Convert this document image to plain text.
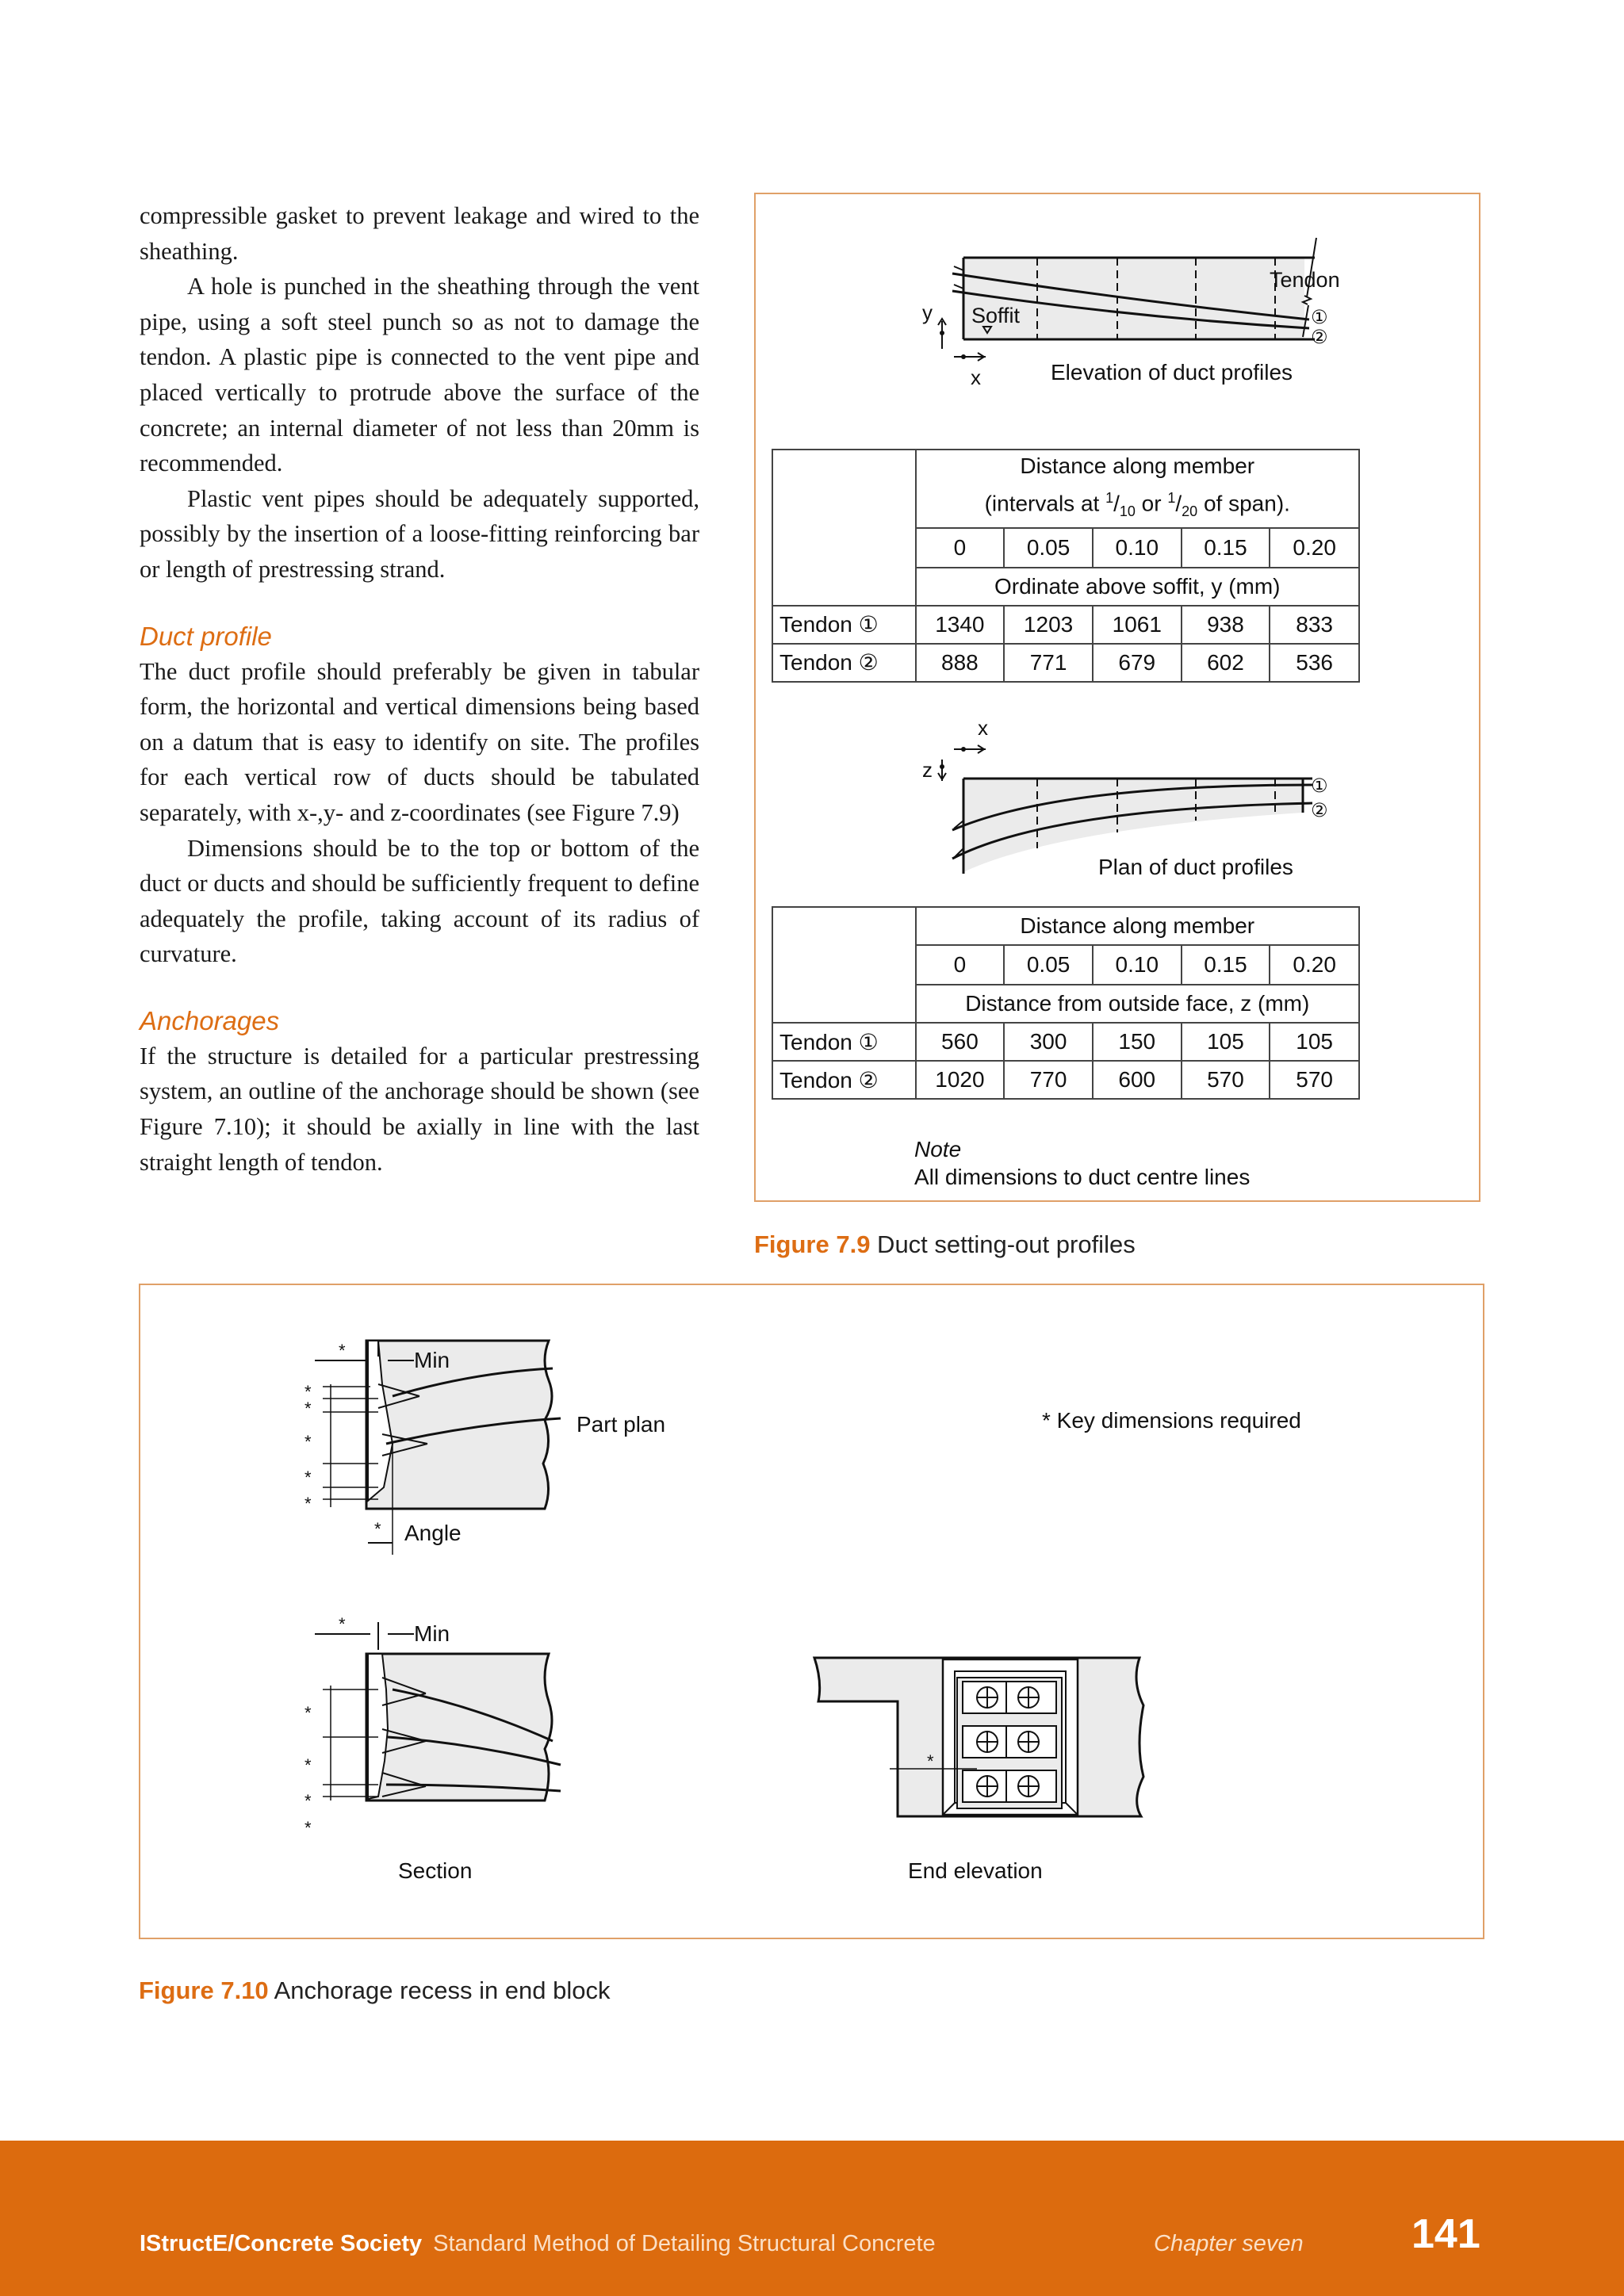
compressible gasket to prevent leakage and wired to the sheathing.

A hole is punched in the sheathing through the vent pipe, using a soft steel punch so as not to damage the tendon. A plastic pipe is connected to the vent pipe and placed vertically to protrude above the surface of the concrete; an internal diameter of not less than 20mm is recommended.

Plastic vent pipes should be adequately supported, possibly by the insertion of a loose-fitting reinforcing bar or length of prestressing strand.

Duct profile

The duct profile should preferably be given in tabular form, the horizontal and vertical dimensions being based on a datum that is easy to identify on site. The profiles for each vertical row of ducts should be tabulated separately, with x-,y- and z-coordinates (see Figure 7.9)

Dimensions should be to the top or bottom of the duct or ducts and should be sufficiently frequent to define adequately the profile, taking account of its radius of curvature.

Anchorages

If the structure is detailed for a particular prestressing system, an outline of the anchorage should be shown (see Figure 7.10); it should be axially in line with the last straight length of tendon.

Tendon
Soffit
y
x
①
②
Elevation of duct profiles
	Distance along member
(intervals at $^1/_{10}$ or $^1/_{20}$ of span).				
	0	0.05	0.10	0.15	0.20
	Ordinate above soffit, y (mm)				
Tendon ①	1340	1203	1061	938	833
Tendon ②	888	771	679	602	536
x
z
①
②
Plan of duct profiles
	Distance along member				
	0	0.05	0.10	0.15	0.20
	Distance from outside face, z (mm)				
Tendon ①	560	300	150	105	105
Tendon ②	1020	770	600	570	570
Note
All dimensions to duct centre lines
Figure 7.9 Duct setting-out profiles
*
*
*
*
*
*
*
*
*
*
*
*
*
Min
Part plan
Angle
* Key dimensions required
Min
Section	End elevation
Figure 7.10 Anchorage recess in end block
IStructE/Concrete Society Standard Method of Detailing Structural Concrete	Chapter seven	141
